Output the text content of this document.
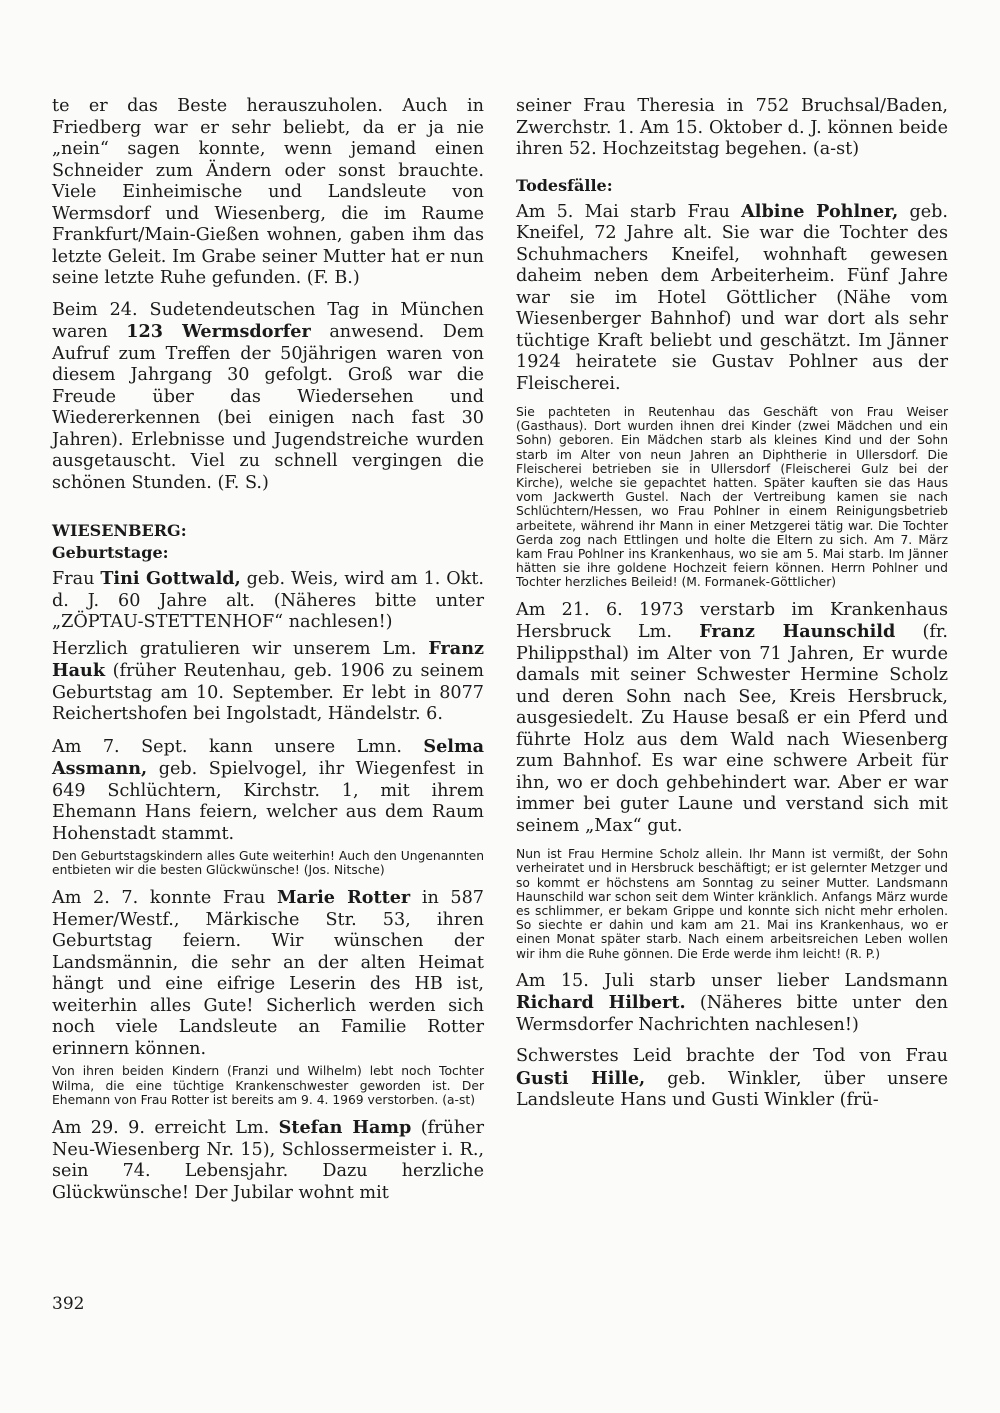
te er das Beste herauszuholen. Auch in Friedberg war er sehr beliebt, da er ja nie „nein“ sagen konnte, wenn jemand einen Schneider zum Ändern oder sonst brauchte. Viele Einheimische und Landsleute von Wermsdorf und Wiesenberg, die im Raume Frankfurt/Main-Gießen wohnen, gaben ihm das letzte Geleit. Im Grabe seiner Mutter hat er nun seine letzte Ruhe gefunden. (F. B.)

Beim 24. Sudetendeutschen Tag in München waren 123 Wermsdorfer anwesend. Dem Aufruf zum Treffen der 50jährigen waren von diesem Jahrgang 30 gefolgt. Groß war die Freude über das Wiedersehen und Wiedererkennen (bei einigen nach fast 30 Jahren). Erlebnisse und Jugendstreiche wurden ausgetauscht. Viel zu schnell vergingen die schönen Stunden. (F. S.)

WIESENBERG:
Geburtstage:

Frau Tini Gottwald, geb. Weis, wird am 1. Okt. d. J. 60 Jahre alt. (Näheres bitte unter „ZÖPTAU-STETTENHOF“ nachlesen!)

Herzlich gratulieren wir unserem Lm. Franz Hauk (früher Reutenhau, geb. 1906 zu seinem Geburtstag am 10. September. Er lebt in 8077 Reichertshofen bei Ingolstadt, Händelstr. 6.

Am 7. Sept. kann unsere Lmn. Selma Assmann, geb. Spielvogel, ihr Wiegenfest in 649 Schlüchtern, Kirchstr. 1, mit ihrem Ehemann Hans feiern, welcher aus dem Raum Hohenstadt stammt.

Den Geburtstagskindern alles Gute weiterhin! Auch den Ungenannten entbieten wir die besten Glückwünsche! (Jos. Nitsche)

Am 2. 7. konnte Frau Marie Rotter in 587 Hemer/Westf., Märkische Str. 53, ihren Geburtstag feiern. Wir wünschen der Landsmännin, die sehr an der alten Heimat hängt und eine eifrige Leserin des HB ist, weiterhin alles Gute! Sicherlich werden sich noch viele Landsleute an Familie Rotter erinnern können.

Von ihren beiden Kindern (Franzi und Wilhelm) lebt noch Tochter Wilma, die eine tüchtige Krankenschwester geworden ist. Der Ehemann von Frau Rotter ist bereits am 9. 4. 1969 verstorben. (a-st)

Am 29. 9. erreicht Lm. Stefan Hamp (früher Neu-Wiesenberg Nr. 15), Schlossermeister i. R., sein 74. Lebensjahr. Dazu herzliche Glückwünsche! Der Jubilar wohnt mit

seiner Frau Theresia in 752 Bruchsal/Baden, Zwerchstr. 1. Am 15. Oktober d. J. können beide ihren 52. Hochzeitstag begehen. (a-st)

Todesfälle:

Am 5. Mai starb Frau Albine Pohlner, geb. Kneifel, 72 Jahre alt. Sie war die Tochter des Schuhmachers Kneifel, wohnhaft gewesen daheim neben dem Arbeiterheim. Fünf Jahre war sie im Hotel Göttlicher (Nähe vom Wiesenberger Bahnhof) und war dort als sehr tüchtige Kraft beliebt und geschätzt. Im Jänner 1924 heiratete sie Gustav Pohlner aus der Fleischerei.

Sie pachteten in Reutenhau das Geschäft von Frau Weiser (Gasthaus). Dort wurden ihnen drei Kinder (zwei Mädchen und ein Sohn) geboren. Ein Mädchen starb als kleines Kind und der Sohn starb im Alter von neun Jahren an Diphtherie in Ullersdorf. Die Fleischerei betrieben sie in Ullersdorf (Fleischerei Gulz bei der Kirche), welche sie gepachtet hatten. Später kauften sie das Haus vom Jackwerth Gustel. Nach der Vertreibung kamen sie nach Schlüchtern/Hessen, wo Frau Pohlner in einem Reinigungsbetrieb arbeitete, während ihr Mann in einer Metzgerei tätig war. Die Tochter Gerda zog nach Ettlingen und holte die Eltern zu sich. Am 7. März kam Frau Pohlner ins Krankenhaus, wo sie am 5. Mai starb. Im Jänner hätten sie ihre goldene Hochzeit feiern können. Herrn Pohlner und Tochter herzliches Beileid! (M. Formanek-Göttlicher)

Am 21. 6. 1973 verstarb im Krankenhaus Hersbruck Lm. Franz Haunschild (fr. Philippsthal) im Alter von 71 Jahren, Er wurde damals mit seiner Schwester Hermine Scholz und deren Sohn nach See, Kreis Hersbruck, ausgesiedelt. Zu Hause besaß er ein Pferd und führte Holz aus dem Wald nach Wiesenberg zum Bahnhof. Es war eine schwere Arbeit für ihn, wo er doch gehbehindert war. Aber er war immer bei guter Laune und verstand sich mit seinem „Max“ gut.

Nun ist Frau Hermine Scholz allein. Ihr Mann ist vermißt, der Sohn verheiratet und in Hersbruck beschäftigt; er ist gelernter Metzger und so kommt er höchstens am Sonntag zu seiner Mutter. Landsmann Haunschild war schon seit dem Winter kränklich. Anfangs März wurde es schlimmer, er bekam Grippe und konnte sich nicht mehr erholen. So siechte er dahin und kam am 21. Mai ins Krankenhaus, wo er einen Monat später starb. Nach einem arbeitsreichen Leben wollen wir ihm die Ruhe gönnen. Die Erde werde ihm leicht! (R. P.)

Am 15. Juli starb unser lieber Landsmann Richard Hilbert. (Näheres bitte unter den Wermsdorfer Nachrichten nachlesen!)

Schwerstes Leid brachte der Tod von Frau Gusti Hille, geb. Winkler, über unsere Landsleute Hans und Gusti Winkler (frü-

392
